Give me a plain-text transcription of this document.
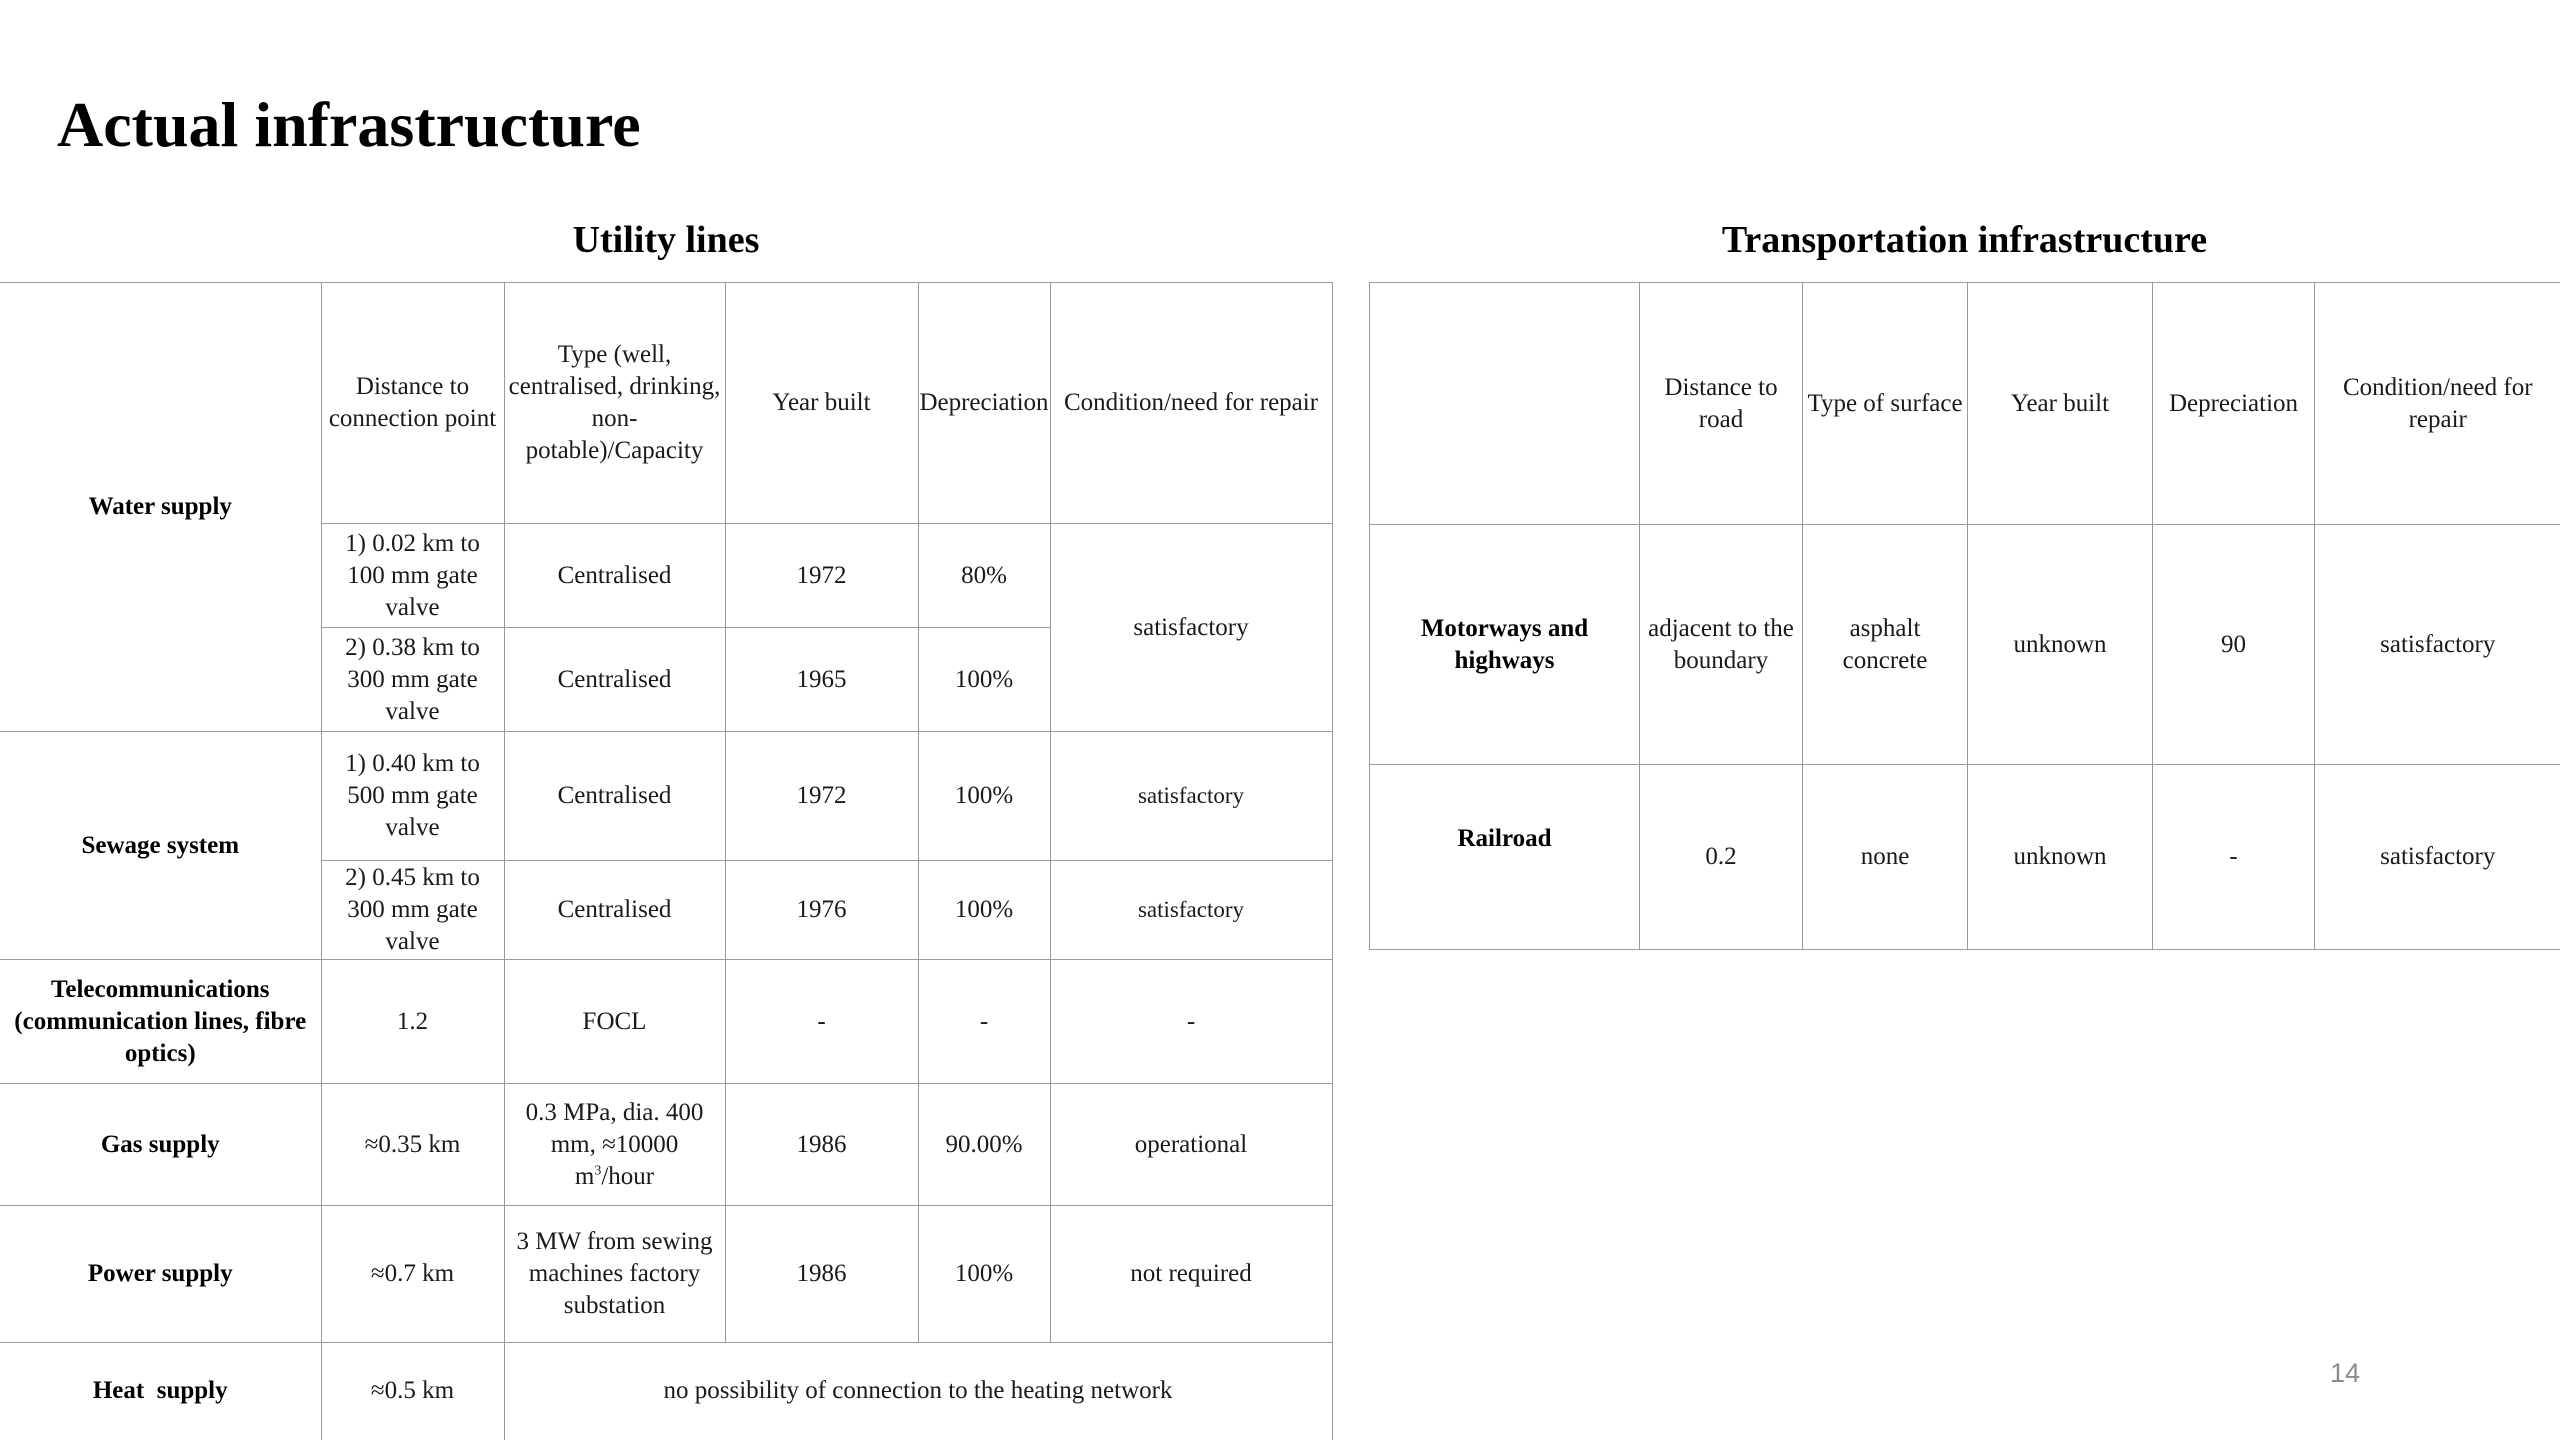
Actual infrastructure
Utility lines	Transportation infrastructure
Water supply	Distance to connection point	Type (well, centralised, drinking, non-potable)/Capacity	Year built	Depreciation	Condition/need for repair
	1) 0.02 km to 100 mm gate valve	Centralised	1972	80%	satisfactory
	2) 0.38 km to 300 mm gate valve	Centralised	1965	100%	
Sewage system	1) 0.40 km to 500 mm gate valve	Centralised	1972	100%	satisfactory
	2) 0.45 km to 300 mm gate valve	Centralised	1976	100%	satisfactory
Telecommunications (communication lines, fibre optics)	1.2	FOCL	-	-	-
Gas supply	≈0.35 km	0.3 MPa, dia. 400 mm, ≈10000 $m^3$/hour	1986	90.00%	operational
Power supply	≈0.7 km	3 MW from sewing machines factory substation	1986	100%	not required
Heat  supply	≈0.5 km	no possibility of connection to the heating network			
	Distance to road	Type of surface	Year built	Depreciation	Condition/need for repair
Motorways and highways	adjacent to the boundary	asphalt concrete	unknown	90	satisfactory
Railroad	0.2	none	unknown	-	satisfactory
14
